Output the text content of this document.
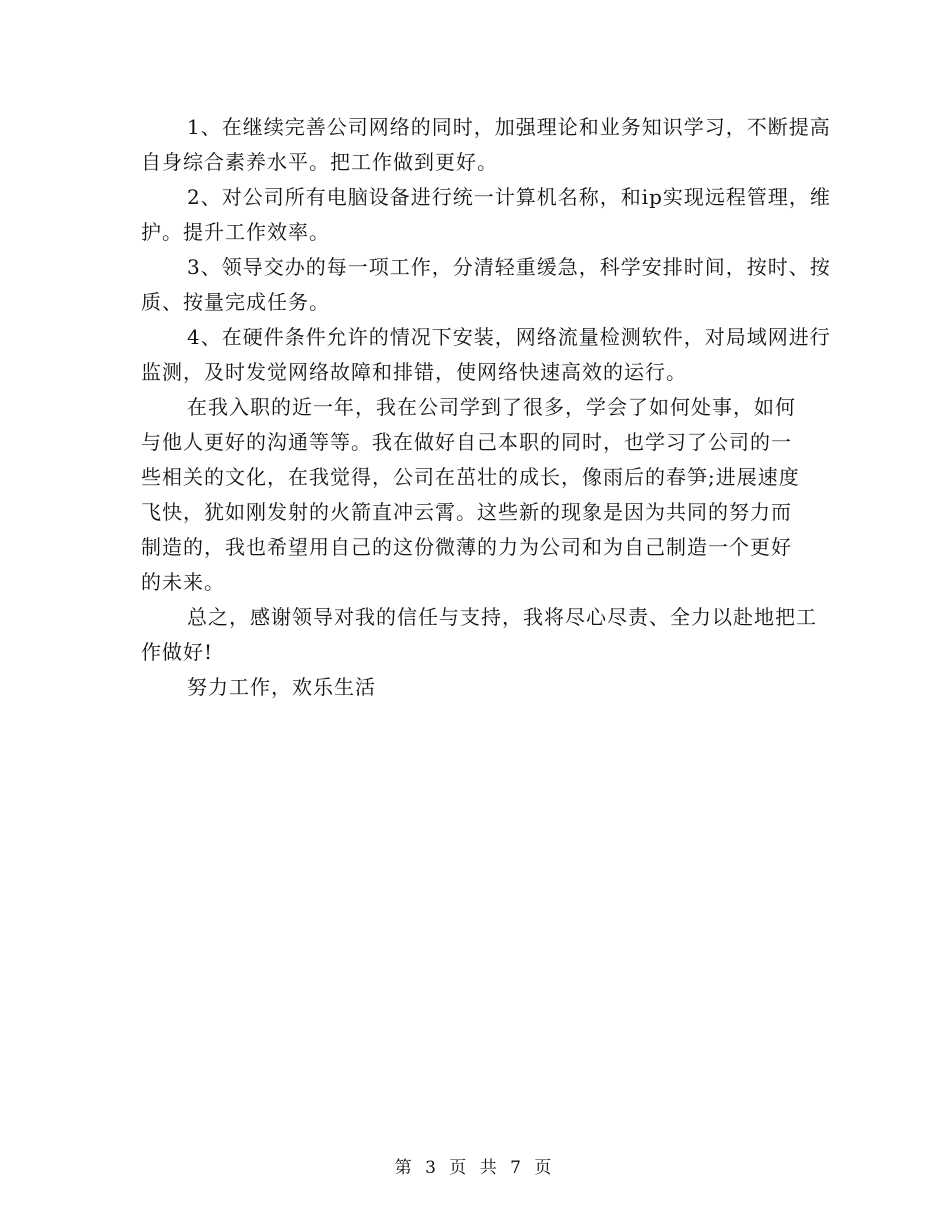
1、在继续完善公司网络的同时，加强理论和业务知识学习，不断提高自身综合素养水平。把工作做到更好。

2、对公司所有电脑设备进行统一计算机名称，和ip实现远程管理，维护。提升工作效率。

3、领导交办的每一项工作，分清轻重缓急，科学安排时间，按时、按质、按量完成任务。

4、在硬件条件允许的情况下安装，网络流量检测软件，对局域网进行监测，及时发觉网络故障和排错，使网络快速高效的运行。

在我入职的近一年，我在公司学到了很多，学会了如何处事，如何与他人更好的沟通等等。我在做好自己本职的同时，也学习了公司的一些相关的文化，在我觉得，公司在茁壮的成长，像雨后的春笋;进展速度飞快，犹如刚发射的火箭直冲云霄。这些新的现象是因为共同的努力而制造的，我也希望用自己的这份微薄的力为公司和为自己制造一个更好的未来。

总之，感谢领导对我的信任与支持，我将尽心尽责、全力以赴地把工作做好!

努力工作，欢乐生活

第 3 页 共 7 页
